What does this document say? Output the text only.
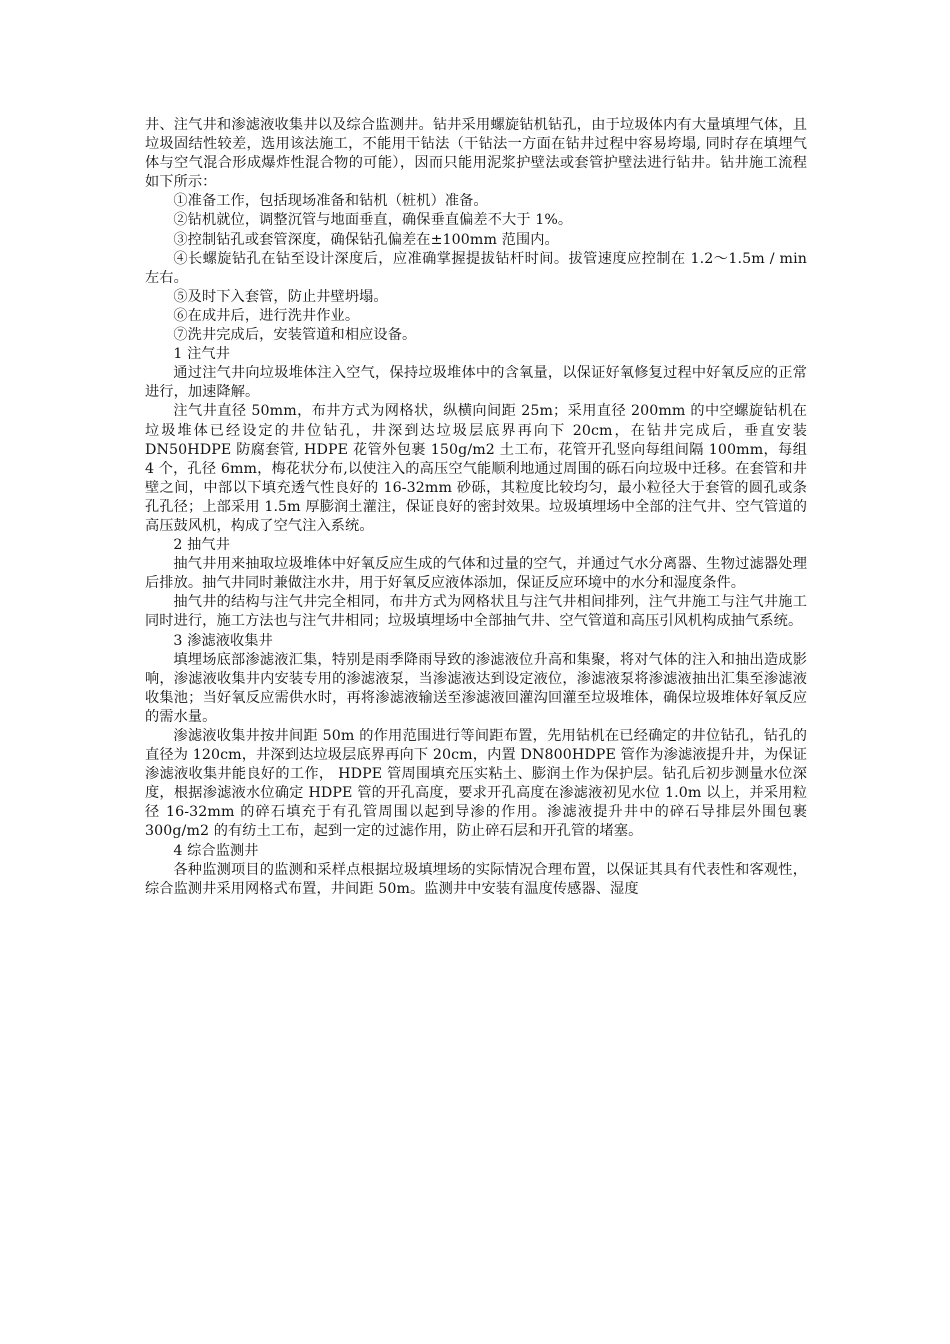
井、注气井和渗滤液收集井以及综合监测井。钻井采用螺旋钻机钻孔，由于垃圾体内有大量填埋气体，且垃圾固结性较差，选用该法施工，不能用干钻法（干钻法一方面在钻井过程中容易垮塌, 同时存在填埋气体与空气混合形成爆炸性混合物的可能），因而只能用泥浆护壁法或套管护壁法进行钻井。钻井施工流程如下所示：

①准备工作，包括现场准备和钻机（桩机）准备。

②钻机就位，调整沉管与地面垂直，确保垂直偏差不大于 1%。

③控制钻孔或套管深度，确保钻孔偏差在±100mm 范围内。

④长螺旋钻孔在钻至设计深度后，应准确掌握提拔钻杆时间。拔管速度应控制在 1.2～1.5m / min 左右。

⑤及时下入套管，防止井壁坍塌。

⑥在成井后，进行洗井作业。

⑦洗井完成后，安装管道和相应设备。

1 注气井

通过注气井向垃圾堆体注入空气，保持垃圾堆体中的含氧量，以保证好氧修复过程中好氧反应的正常进行，加速降解。

注气井直径 50mm，布井方式为网格状，纵横向间距 25m；采用直径 200mm 的中空螺旋钻机在垃圾堆体已经设定的井位钻孔，井深到达垃圾层底界再向下 20cm，在钻井完成后，垂直安装 DN50HDPE 防腐套管, HDPE 花管外包裹 150g/m2 土工布，花管开孔竖向每组间隔 100mm，每组 4 个，孔径 6mm，梅花状分布,以使注入的高压空气能顺利地通过周围的砾石向垃圾中迁移。在套管和井壁之间，中部以下填充透气性良好的 16-32mm 砂砾，其粒度比较均匀，最小粒径大于套管的圆孔或条孔孔径；上部采用 1.5m 厚膨润土灌注，保证良好的密封效果。垃圾填埋场中全部的注气井、空气管道的高压鼓风机，构成了空气注入系统。

2 抽气井

抽气井用来抽取垃圾堆体中好氧反应生成的气体和过量的空气，并通过气水分离器、生物过滤器处理后排放。抽气井同时兼做注水井，用于好氧反应液体添加，保证反应环境中的水分和湿度条件。

抽气井的结构与注气井完全相同，布井方式为网格状且与注气井相间排列，注气井施工与注气井施工同时进行，施工方法也与注气井相同；垃圾填埋场中全部抽气井、空气管道和高压引风机构成抽气系统。

3 渗滤液收集井

填埋场底部渗滤液汇集，特别是雨季降雨导致的渗滤液位升高和集聚，将对气体的注入和抽出造成影响，渗滤液收集井内安装专用的渗滤液泵，当渗滤液达到设定液位，渗滤液泵将渗滤液抽出汇集至渗滤液收集池；当好氧反应需供水时，再将渗滤液输送至渗滤液回灌沟回灌至垃圾堆体，确保垃圾堆体好氧反应的需水量。

渗滤液收集井按井间距 50m 的作用范围进行等间距布置，先用钻机在已经确定的井位钻孔，钻孔的直径为 120cm，井深到达垃圾层底界再向下 20cm，内置 DN800HDPE 管作为渗滤液提升井，为保证渗滤液收集井能良好的工作， HDPE 管周围填充压实粘土、膨润土作为保护层。钻孔后初步测量水位深度，根据渗滤液水位确定 HDPE 管的开孔高度，要求开孔高度在渗滤液初见水位 1.0m 以上，并采用粒径 16-32mm 的碎石填充于有孔管周围以起到导渗的作用。渗滤液提升井中的碎石导排层外围包裹 300g/m2 的有纺土工布，起到一定的过滤作用，防止碎石层和开孔管的堵塞。

4 综合监测井

各种监测项目的监测和采样点根据垃圾填埋场的实际情况合理布置，以保证其具有代表性和客观性，综合监测井采用网格式布置，井间距 50m。监测井中安装有温度传感器、湿度
